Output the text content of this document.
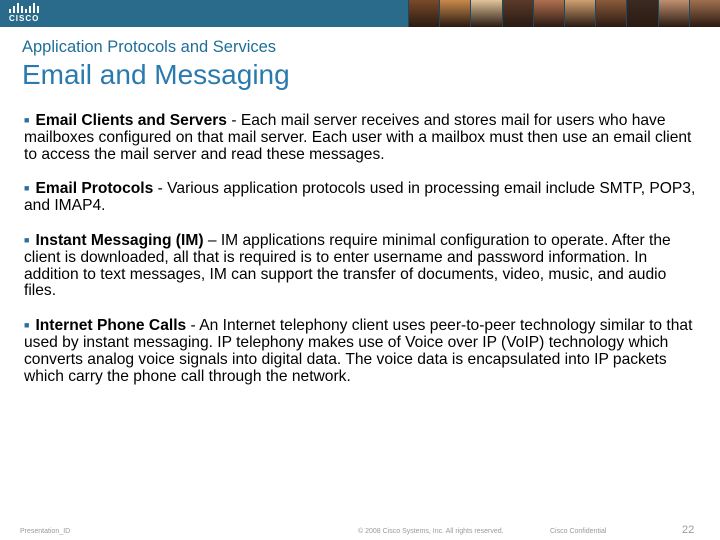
CISCO
Application Protocols and Services
Email and Messaging

■ Email Clients and Servers - Each mail server receives and stores mail for users who have mailboxes configured on that mail server. Each user with a mailbox must then use an email client to access the mail server and read these messages.

■ Email Protocols - Various application protocols used in processing email include SMTP, POP3, and IMAP4.

■ Instant Messaging (IM) – IM applications require minimal configuration to operate. After the client is downloaded, all that is required is to enter username and password information. In addition to text messages, IM can support the transfer of documents, video, music, and audio files.

■ Internet Phone Calls - An Internet telephony client uses peer-to-peer technology similar to that used by instant messaging. IP telephony makes use of Voice over IP (VoIP) technology which converts analog voice signals into digital data. The voice data is encapsulated into IP packets which carry the phone call through the network.

Presentation_ID	© 2008 Cisco Systems, Inc. All rights reserved.	Cisco Confidential	22
